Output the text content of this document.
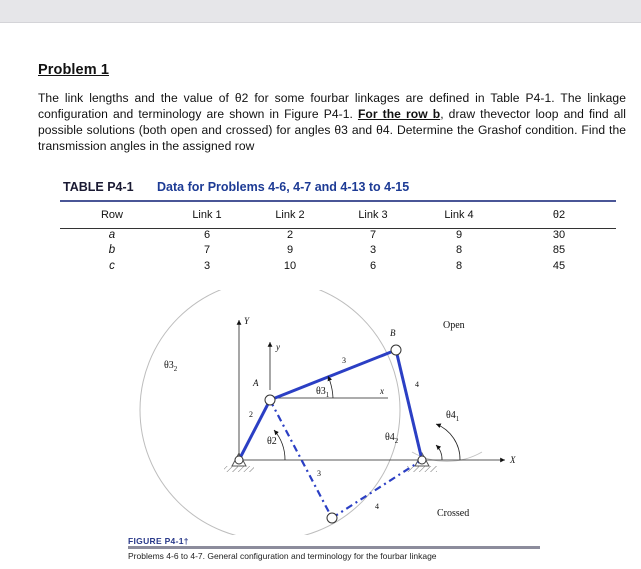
Problem 1
The link lengths and the value of θ2 for some fourbar linkages are defined in Table P4-1. The linkage configuration and terminology are shown in Figure P4-1. For the row b, draw thevector loop and find all possible solutions (both open and crossed) for angles θ3 and θ4. Determine the Grashof condition. Find the transmission angles in the assigned row
TABLE P4-1 Data for Problems 4-6, 4-7 and 4-13 to 4-15
Row	Link 1	Link 2	Link 3	Link 4	θ2
a	6	2	7	9	30
b	7	9	3	8	85
c	3	10	6	8	45
Open
Crossed
Y
y
x
X
A
B
$\theta 3_2$
$\theta 3_1$
θ2
$\theta 4_1$
$\theta 4_2$
2
3
4
3
4
FIGURE P4-1†
Problems 4-6 to 4-7. General configuration and terminology for the fourbar linkage
